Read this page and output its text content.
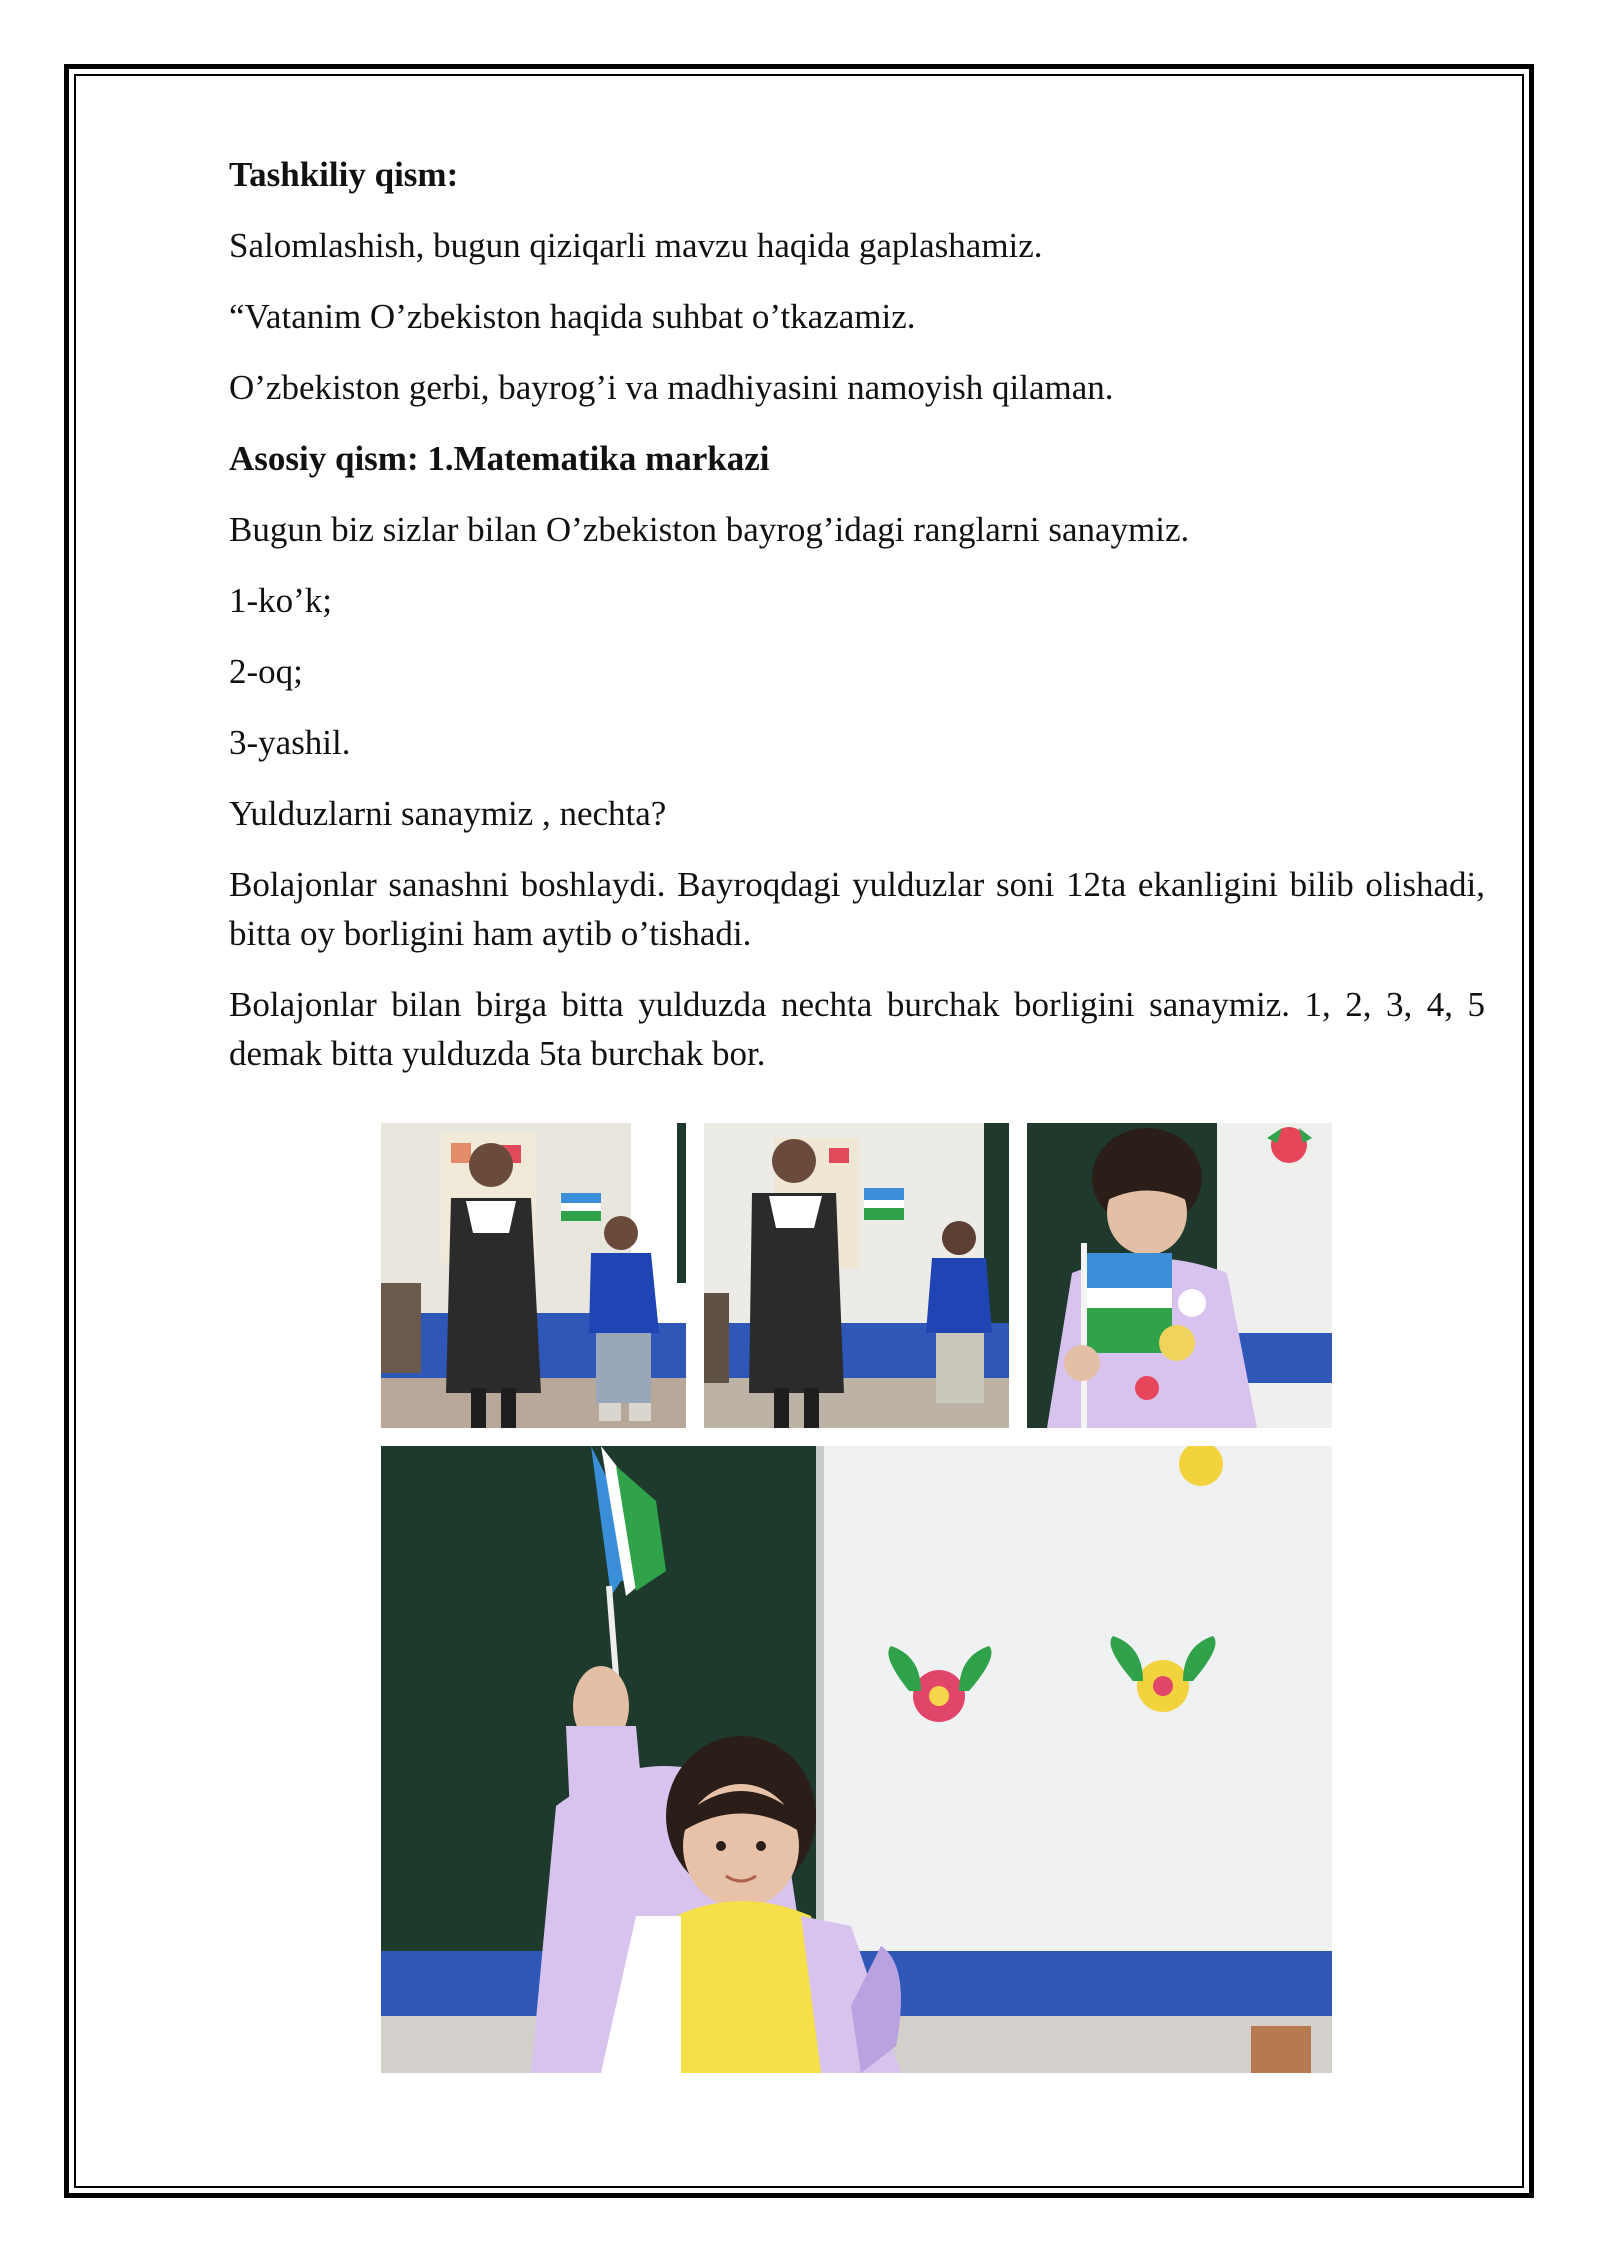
Tashkiliy qism:

Salomlashish, bugun qiziqarli mavzu haqida gaplashamiz.

“Vatanim O’zbekiston haqida suhbat o’tkazamiz.

O’zbekiston gerbi, bayrog’i va madhiyasini namoyish qilaman.

Asosiy qism: 1.Matematika markazi

Bugun biz sizlar bilan O’zbekiston bayrog’idagi ranglarni sanaymiz.

1-ko’k;

2-oq;

3-yashil.

Yulduzlarni sanaymiz , nechta?

Bolajonlar sanashni boshlaydi. Bayroqdagi yulduzlar soni 12ta ekanligini bilib olishadi, bitta oy borligini ham aytib o’tishadi.

Bolajonlar bilan birga bitta yulduzda nechta burchak borligini sanaymiz. 1, 2, 3, 4, 5 demak bitta yulduzda 5ta burchak bor.
